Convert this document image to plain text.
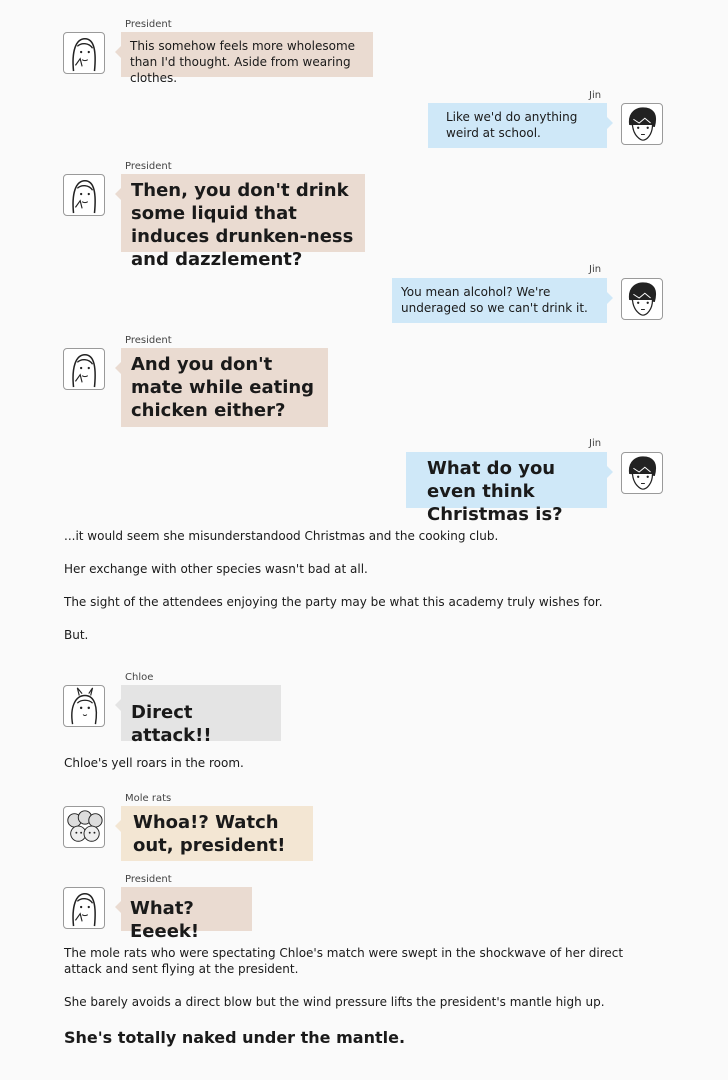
President
This somehow feels more wholesome than I'd thought. Aside from wearing clothes.
Jin
Like we'd do anything weird at school.
President
Then, you don't drink some liquid that induces drunken-ness and dazzlement?	Jin
You mean alcohol? We're underaged so we can't drink it.
President
And you don't mate while eating chicken either?
Jin
What do you even think Christmas is?
...it would seem she misunderstandood Christmas and the cooking club.
Her exchange with other species wasn't bad at all.
The sight of the attendees enjoying the party may be what this academy truly wishes for.
But.
Chloe
Direct attack!!
Chloe's yell roars in the room.
Mole rats
Whoa!? Watch out, president!
President
What? Eeeek!
The mole rats who were spectating Chloe's match were swept in the shockwave of her direct attack and sent flying at the president.
She barely avoids a direct blow but the wind pressure lifts the president's mantle high up.
She's totally naked under the mantle.
